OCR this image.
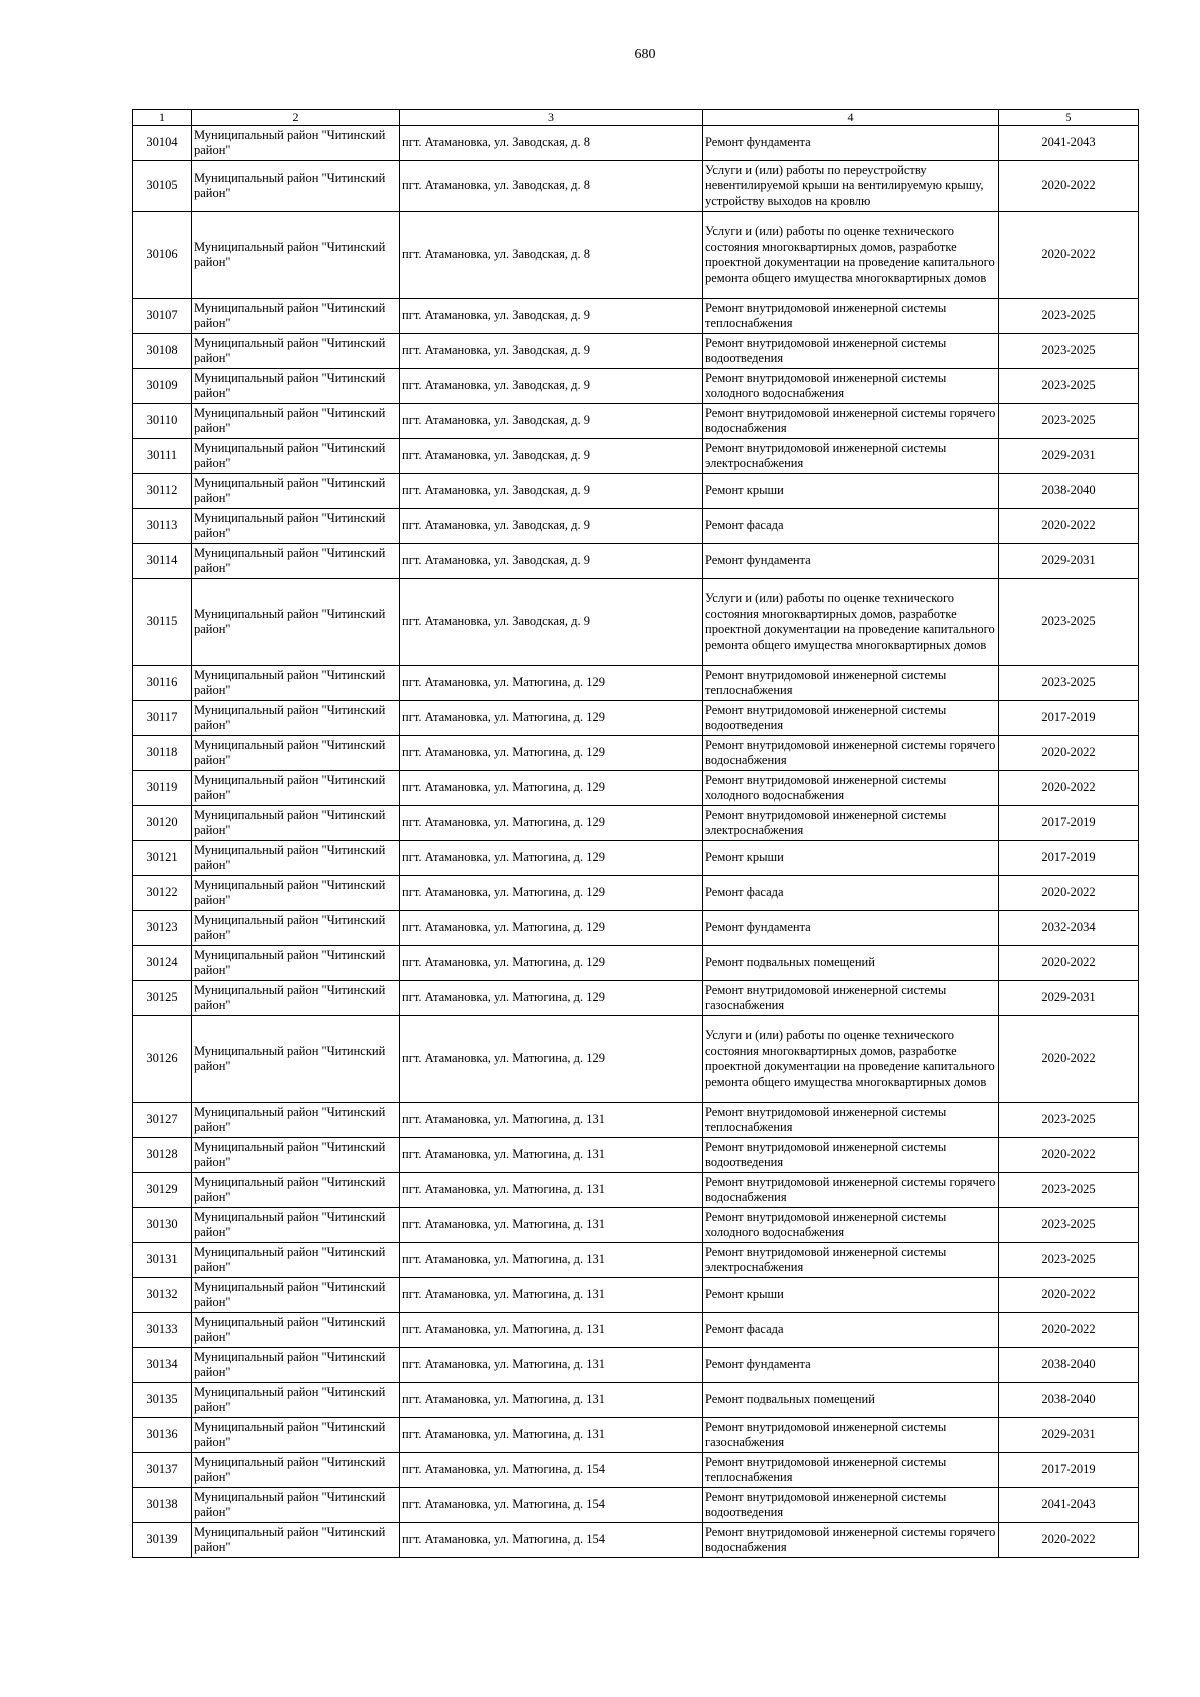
680
1	2	3	4	5
30104	Муниципальный район "Читинский район"	пгт. Атамановка, ул. Заводская, д. 8	Ремонт фундамента	2041-2043
30105	Муниципальный район "Читинский район"	пгт. Атамановка, ул. Заводская, д. 8	Услуги и (или) работы по переустройству невентилируемой крыши на вентилируемую крышу, устройству выходов на кровлю	2020-2022
30106	Муниципальный район "Читинский район"	пгт. Атамановка, ул. Заводская, д. 8	Услуги и (или) работы по оценке технического состояния многоквартирных домов, разработке проектной документации на проведение капитального ремонта общего имущества многоквартирных домов	2020-2022
30107	Муниципальный район "Читинский район"	пгт. Атамановка, ул. Заводская, д. 9	Ремонт внутридомовой инженерной системы теплоснабжения	2023-2025
30108	Муниципальный район "Читинский район"	пгт. Атамановка, ул. Заводская, д. 9	Ремонт внутридомовой инженерной системы водоотведения	2023-2025
30109	Муниципальный район "Читинский район"	пгт. Атамановка, ул. Заводская, д. 9	Ремонт внутридомовой инженерной системы холодного водоснабжения	2023-2025
30110	Муниципальный район "Читинский район"	пгт. Атамановка, ул. Заводская, д. 9	Ремонт внутридомовой инженерной системы горячего водоснабжения	2023-2025
30111	Муниципальный район "Читинский район"	пгт. Атамановка, ул. Заводская, д. 9	Ремонт внутридомовой инженерной системы электроснабжения	2029-2031
30112	Муниципальный район "Читинский район"	пгт. Атамановка, ул. Заводская, д. 9	Ремонт крыши	2038-2040
30113	Муниципальный район "Читинский район"	пгт. Атамановка, ул. Заводская, д. 9	Ремонт фасада	2020-2022
30114	Муниципальный район "Читинский район"	пгт. Атамановка, ул. Заводская, д. 9	Ремонт фундамента	2029-2031
30115	Муниципальный район "Читинский район"	пгт. Атамановка, ул. Заводская, д. 9	Услуги и (или) работы по оценке технического состояния многоквартирных домов, разработке проектной документации на проведение капитального ремонта общего имущества многоквартирных домов	2023-2025
30116	Муниципальный район "Читинский район"	пгт. Атамановка, ул. Матюгина, д. 129	Ремонт внутридомовой инженерной системы теплоснабжения	2023-2025
30117	Муниципальный район "Читинский район"	пгт. Атамановка, ул. Матюгина, д. 129	Ремонт внутридомовой инженерной системы водоотведения	2017-2019
30118	Муниципальный район "Читинский район"	пгт. Атамановка, ул. Матюгина, д. 129	Ремонт внутридомовой инженерной системы горячего водоснабжения	2020-2022
30119	Муниципальный район "Читинский район"	пгт. Атамановка, ул. Матюгина, д. 129	Ремонт внутридомовой инженерной системы холодного водоснабжения	2020-2022
30120	Муниципальный район "Читинский район"	пгт. Атамановка, ул. Матюгина, д. 129	Ремонт внутридомовой инженерной системы электроснабжения	2017-2019
30121	Муниципальный район "Читинский район"	пгт. Атамановка, ул. Матюгина, д. 129	Ремонт крыши	2017-2019
30122	Муниципальный район "Читинский район"	пгт. Атамановка, ул. Матюгина, д. 129	Ремонт фасада	2020-2022
30123	Муниципальный район "Читинский район"	пгт. Атамановка, ул. Матюгина, д. 129	Ремонт фундамента	2032-2034
30124	Муниципальный район "Читинский район"	пгт. Атамановка, ул. Матюгина, д. 129	Ремонт подвальных помещений	2020-2022
30125	Муниципальный район "Читинский район"	пгт. Атамановка, ул. Матюгина, д. 129	Ремонт внутридомовой инженерной системы газоснабжения	2029-2031
30126	Муниципальный район "Читинский район"	пгт. Атамановка, ул. Матюгина, д. 129	Услуги и (или) работы по оценке технического состояния многоквартирных домов, разработке проектной документации на проведение капитального ремонта общего имущества многоквартирных домов	2020-2022
30127	Муниципальный район "Читинский район"	пгт. Атамановка, ул. Матюгина, д. 131	Ремонт внутридомовой инженерной системы теплоснабжения	2023-2025
30128	Муниципальный район "Читинский район"	пгт. Атамановка, ул. Матюгина, д. 131	Ремонт внутридомовой инженерной системы водоотведения	2020-2022
30129	Муниципальный район "Читинский район"	пгт. Атамановка, ул. Матюгина, д. 131	Ремонт внутридомовой инженерной системы горячего водоснабжения	2023-2025
30130	Муниципальный район "Читинский район"	пгт. Атамановка, ул. Матюгина, д. 131	Ремонт внутридомовой инженерной системы холодного водоснабжения	2023-2025
30131	Муниципальный район "Читинский район"	пгт. Атамановка, ул. Матюгина, д. 131	Ремонт внутридомовой инженерной системы электроснабжения	2023-2025
30132	Муниципальный район "Читинский район"	пгт. Атамановка, ул. Матюгина, д. 131	Ремонт крыши	2020-2022
30133	Муниципальный район "Читинский район"	пгт. Атамановка, ул. Матюгина, д. 131	Ремонт фасада	2020-2022
30134	Муниципальный район "Читинский район"	пгт. Атамановка, ул. Матюгина, д. 131	Ремонт фундамента	2038-2040
30135	Муниципальный район "Читинский район"	пгт. Атамановка, ул. Матюгина, д. 131	Ремонт подвальных помещений	2038-2040
30136	Муниципальный район "Читинский район"	пгт. Атамановка, ул. Матюгина, д. 131	Ремонт внутридомовой инженерной системы газоснабжения	2029-2031
30137	Муниципальный район "Читинский район"	пгт. Атамановка, ул. Матюгина, д. 154	Ремонт внутридомовой инженерной системы теплоснабжения	2017-2019
30138	Муниципальный район "Читинский район"	пгт. Атамановка, ул. Матюгина, д. 154	Ремонт внутридомовой инженерной системы водоотведения	2041-2043
30139	Муниципальный район "Читинский район"	пгт. Атамановка, ул. Матюгина, д. 154	Ремонт внутридомовой инженерной системы горячего водоснабжения	2020-2022
